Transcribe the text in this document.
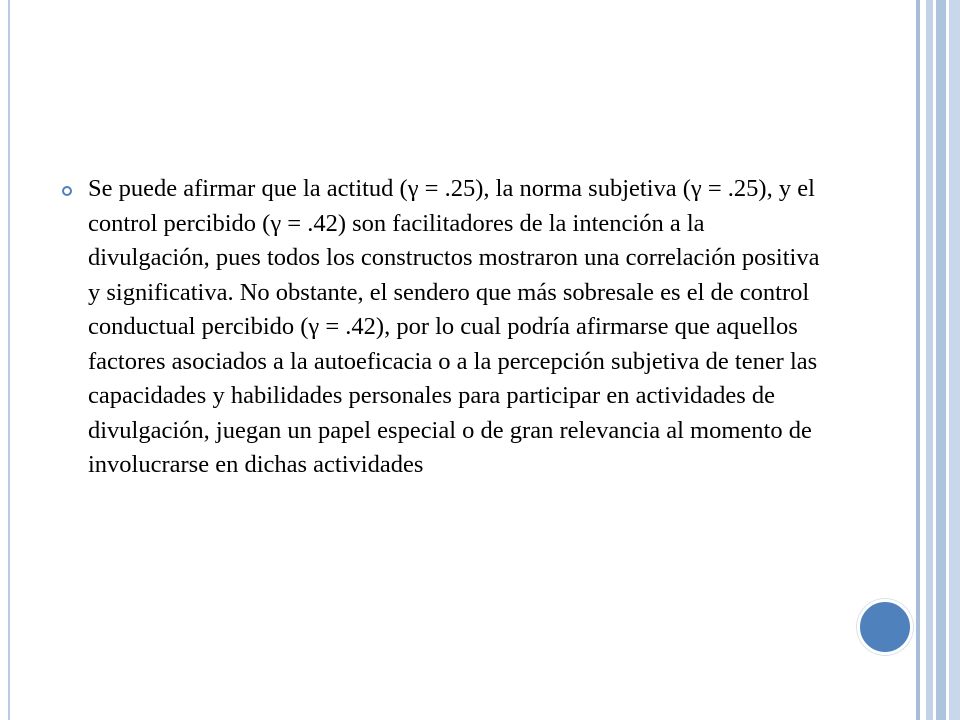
Se puede afirmar que la actitud (γ = .25), la norma subjetiva (γ = .25), y el control percibido (γ = .42) son facilitadores de la intención a la divulgación, pues todos los constructos mostraron una correlación positiva y significativa. No obstante, el sendero que más sobresale es el de control conductual percibido (γ = .42), por lo cual podría afirmarse que aquellos factores asociados a la autoeficacia o a la percepción subjetiva de tener las capacidades y habilidades personales para participar en actividades de divulgación, juegan un papel especial o de gran relevancia al momento de involucrarse en dichas actividades
